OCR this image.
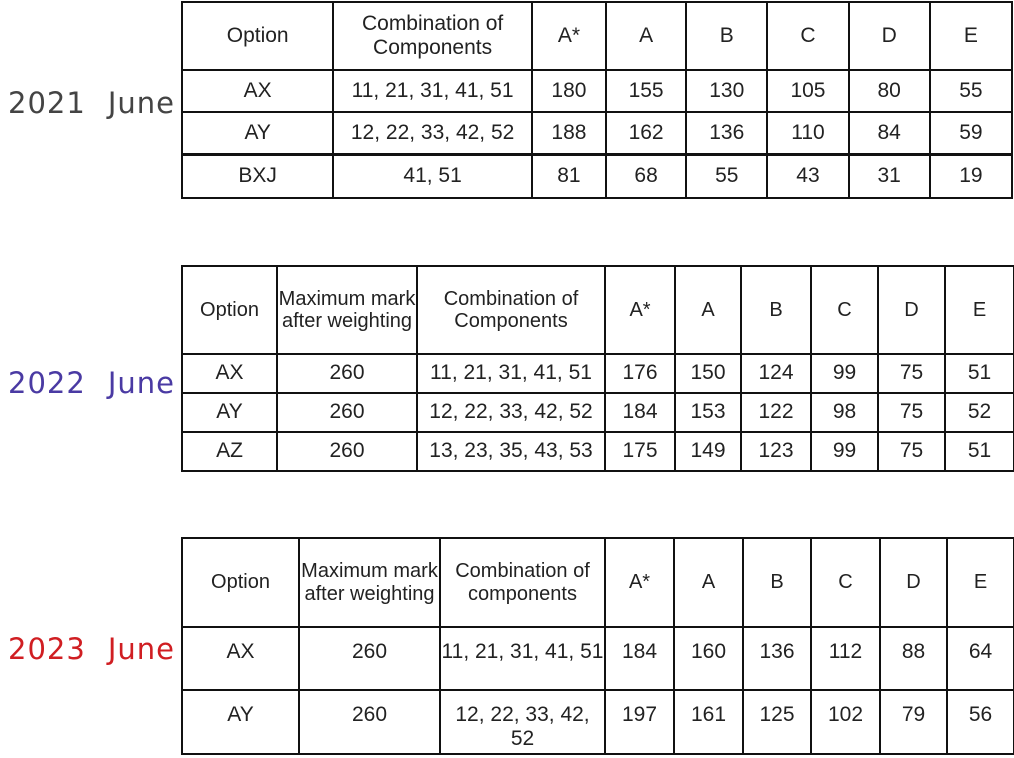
2021 June
Option	Combination of Components	A*	A	B	C	D	E
AX	11, 21, 31, 41, 51	180	155	130	105	80	55
AY	12, 22, 33, 42, 52	188	162	136	110	84	59
BXJ	41, 51	81	68	55	43	31	19
2022 June
Option	Maximum mark after weighting	Combination of Components	A*	A	B	C	D	E
AX	260	11, 21, 31, 41, 51	176	150	124	99	75	51
AY	260	12, 22, 33, 42, 52	184	153	122	98	75	52
AZ	260	13, 23, 35, 43, 53	175	149	123	99	75	51
2023 June
Option	Maximum mark after weighting	Combination of components	A*	A	B	C	D	E
AX	260	11, 21, 31, 41, 51	184	160	136	112	88	64
AY	260	12, 22, 33, 42, 52	197	161	125	102	79	56
